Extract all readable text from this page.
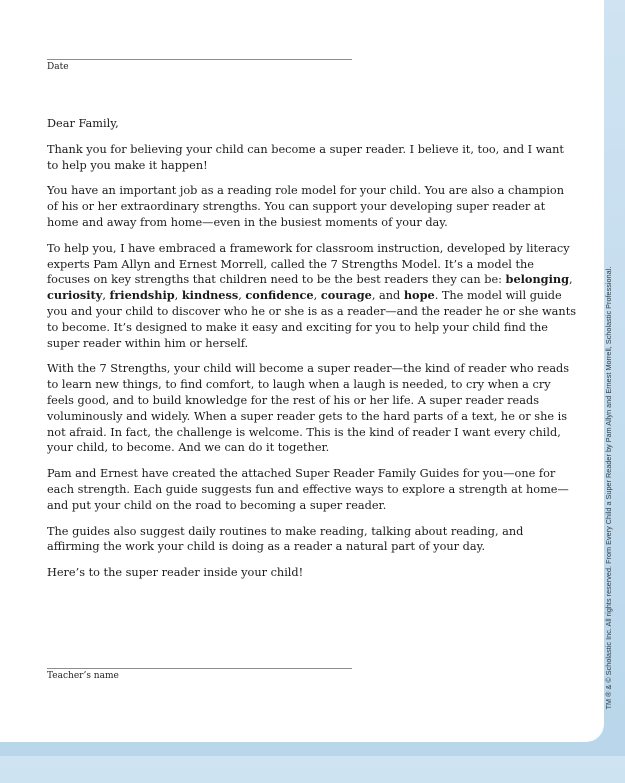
Date

Dear Family,

Thank you for believing your child can become a super reader. I believe it, too, and I want to help you make it happen!

You have an important job as a reading role model for your child. You are also a champion of his or her extraordinary strengths. You can support your developing super reader at home and away from home—even in the busiest moments of your day.

To help you, I have embraced a framework for classroom instruction, developed by literacy experts Pam Allyn and Ernest Morrell, called the 7 Strengths Model. It’s a model the focuses on key strengths that children need to be the best readers they can be: belonging, curiosity, friendship, kindness, confidence, courage, and hope. The model will guide you and your child to discover who he or she is as a reader—and the reader he or she wants to become. It’s designed to make it easy and exciting for you to help your child find the super reader within him or herself.

With the 7 Strengths, your child will become a super reader—the kind of reader who reads to learn new things, to find comfort, to laugh when a laugh is needed, to cry when a cry feels good, and to build knowledge for the rest of his or her life. A super reader reads voluminously and widely. When a super reader gets to the hard parts of a text, he or she is not afraid. In fact, the challenge is welcome. This is the kind of reader I want every child, your child, to become. And we can do it together.

Pam and Ernest have created the attached Super Reader Family Guides for you—one for each strength. Each guide suggests fun and effective ways to explore a strength at home—and put your child on the road to becoming a super reader.

The guides also suggest daily routines to make reading, talking about reading, and affirming the work your child is doing as a reader a natural part of your day.

Here’s to the super reader inside your child!

Teacher’s name	TM ® & © Scholastic Inc. All rights reserved. From Every Child a Super Reader by Pam Allyn and Ernest Morrell, Scholastic Professional.
